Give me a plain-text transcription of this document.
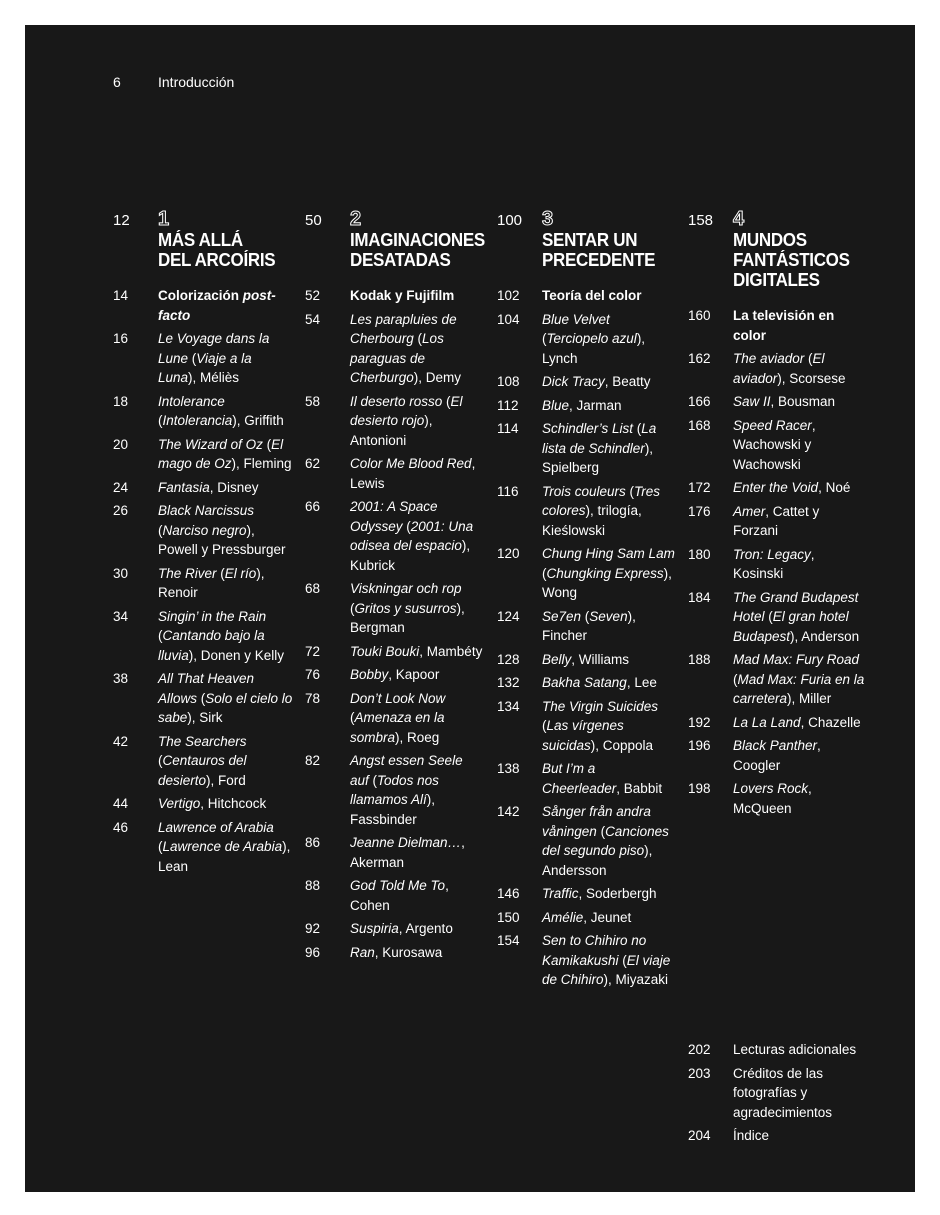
6	Introducción
12	1
MÁS ALLÁ
DEL ARCOÍRIS
14	Colorización post-facto
16	Le Voyage dans la Lune (Viaje a la Luna), Méliès
18	Intolerance (Intolerancia), Griffith
20	The Wizard of Oz (El mago de Oz), Fleming
24	Fantasia, Disney
26	Black Narcissus (Narciso negro), Powell y Pressburger
30	The River (El río), Renoir
34	Singin’ in the Rain (Cantando bajo la lluvia), Donen y Kelly
38	All That Heaven Allows (Solo el cielo lo sabe), Sirk
42	The Searchers (Centauros del desierto), Ford
44	Vertigo, Hitchcock
46	Lawrence of Arabia (Lawrence de Arabia), Lean
50	2
IMAGINACIONES
DESATADAS
52	Kodak y Fujifilm
54	Les parapluies de Cherbourg (Los paraguas de Cherburgo), Demy
58	Il deserto rosso (El desierto rojo), Antonioni
62	Color Me Blood Red, Lewis
66	2001: A Space Odyssey (2001: Una odisea del espacio), Kubrick
68	Viskningar och rop (Gritos y susurros), Bergman
72	Touki Bouki, Mambéty
76	Bobby, Kapoor
78	Don’t Look Now (Amenaza en la sombra), Roeg
82	Angst essen Seele auf (Todos nos llamamos Alí), Fassbinder
86	Jeanne Dielman…, Akerman
88	God Told Me To, Cohen
92	Suspiria, Argento
96	Ran, Kurosawa
100 3
SENTAR UN
PRECEDENTE
102	Teoría del color
104	Blue Velvet (Terciopelo azul), Lynch
108	Dick Tracy, Beatty
112	Blue, Jarman
114	Schindler’s List (La lista de Schindler), Spielberg
116	Trois couleurs (Tres colores), trilogía, Kieślowski
120	Chung Hing Sam Lam (Chungking Express), Wong
124	Se7en (Seven), Fincher
128	Belly, Williams
132	Bakha Satang, Lee
134	The Virgin Suicides (Las vírgenes suicidas), Coppola
138	But I’m a Cheerleader, Babbit
142	Sånger från andra våningen (Canciones del segundo piso), Andersson
146	Traffic, Soderbergh
150	Amélie, Jeunet
154	Sen to Chihiro no Kamikakushi (El viaje de Chihiro), Miyazaki
158 4
MUNDOS
FANTÁSTICOS
DIGITALES
160	La televisión en color
162	The aviador (El aviador), Scorsese
166	Saw II, Bousman
168	Speed Racer, Wachowski y Wachowski
172	Enter the Void, Noé
176	Amer, Cattet y Forzani
180	Tron: Legacy, Kosinski
184	The Grand Budapest Hotel (El gran hotel Budapest), Anderson
188	Mad Max: Fury Road (Mad Max: Furia en la carretera), Miller
192	La La Land, Chazelle
196	Black Panther, Coogler
198	Lovers Rock, McQueen
202	Lecturas adicionales
203	Créditos de las fotografías y agradecimientos
204	Índice
